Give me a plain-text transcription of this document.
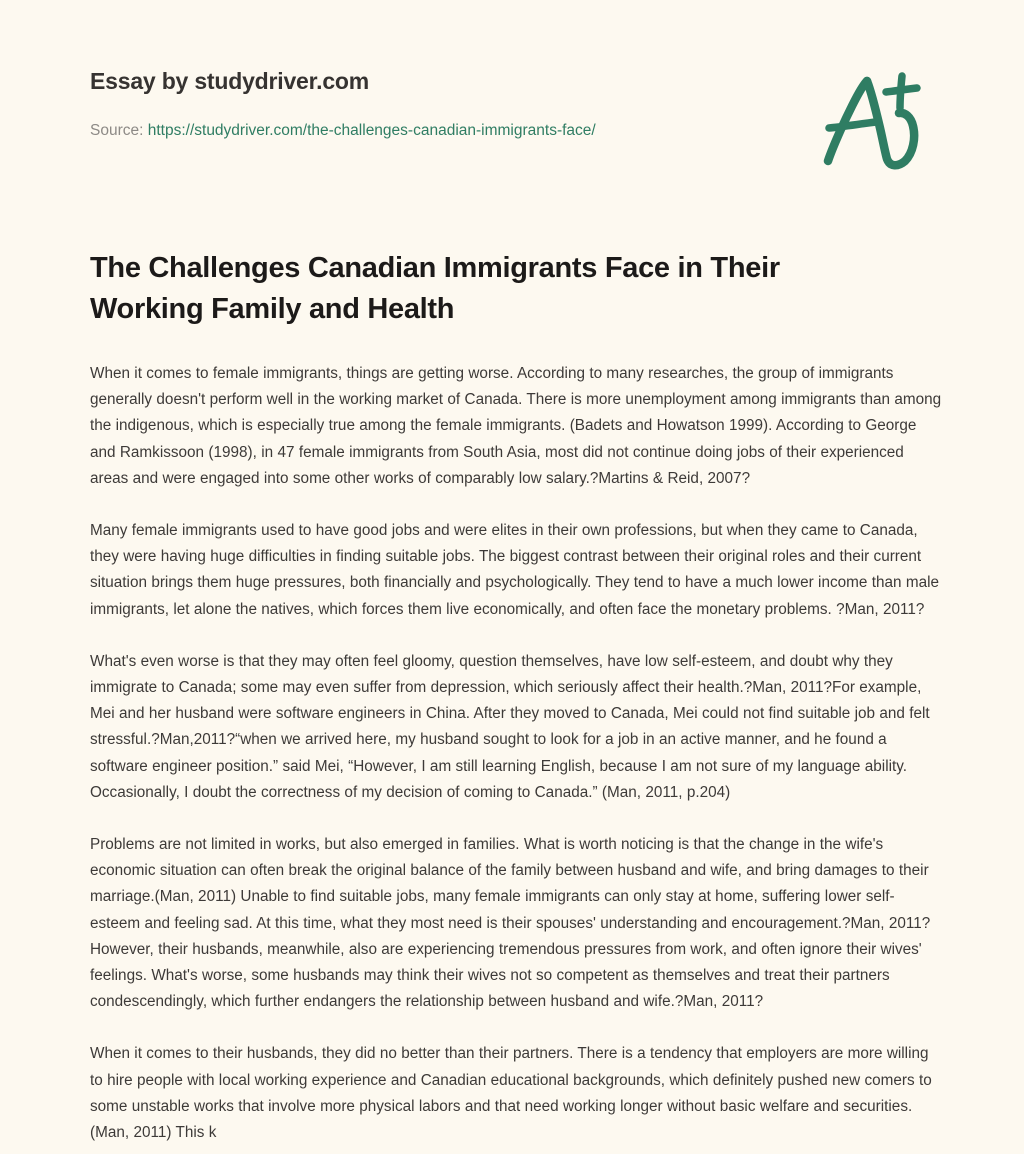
Essay by studydriver.com
Source: https://studydriver.com/the-challenges-canadian-immigrants-face/
The Challenges Canadian Immigrants Face in Their Working Family and Health

When it comes to female immigrants, things are getting worse. According to many researches, the group of immigrants generally doesn't perform well in the working market of Canada. There is more unemployment among immigrants than among the indigenous, which is especially true among the female immigrants. (Badets and Howatson 1999). According to George and Ramkissoon (1998), in 47 female immigrants from South Asia, most did not continue doing jobs of their experienced areas and were engaged into some other works of comparably low salary.?Martins & Reid, 2007?

Many female immigrants used to have good jobs and were elites in their own professions, but when they came to Canada, they were having huge difficulties in finding suitable jobs. The biggest contrast between their original roles and their current situation brings them huge pressures, both financially and psychologically. They tend to have a much lower income than male immigrants, let alone the natives, which forces them live economically, and often face the monetary problems. ?Man, 2011?

What's even worse is that they may often feel gloomy, question themselves, have low self-esteem, and doubt why they immigrate to Canada; some may even suffer from depression, which seriously affect their health.?Man, 2011?For example, Mei and her husband were software engineers in China. After they moved to Canada, Mei could not find suitable job and felt stressful.?Man,2011?“when we arrived here, my husband sought to look for a job in an active manner, and he found a software engineer position.” said Mei, “However, I am still learning English, because I am not sure of my language ability. Occasionally, I doubt the correctness of my decision of coming to Canada.” (Man, 2011, p.204)

Problems are not limited in works, but also emerged in families. What is worth noticing is that the change in the wife's economic situation can often break the original balance of the family between husband and wife, and bring damages to their marriage.(Man, 2011) Unable to find suitable jobs, many female immigrants can only stay at home, suffering lower self-esteem and feeling sad. At this time, what they most need is their spouses' understanding and encouragement.?Man, 2011?However, their husbands, meanwhile, also are experiencing tremendous pressures from work, and often ignore their wives' feelings. What's worse, some husbands may think their wives not so competent as themselves and treat their partners condescendingly, which further endangers the relationship between husband and wife.?Man, 2011?

When it comes to their husbands, they did no better than their partners. There is a tendency that employers are more willing to hire people with local working experience and Canadian educational backgrounds, which definitely pushed new comers to some unstable works that involve more physical labors and that need working longer without basic welfare and securities. (Man, 2011) This k
